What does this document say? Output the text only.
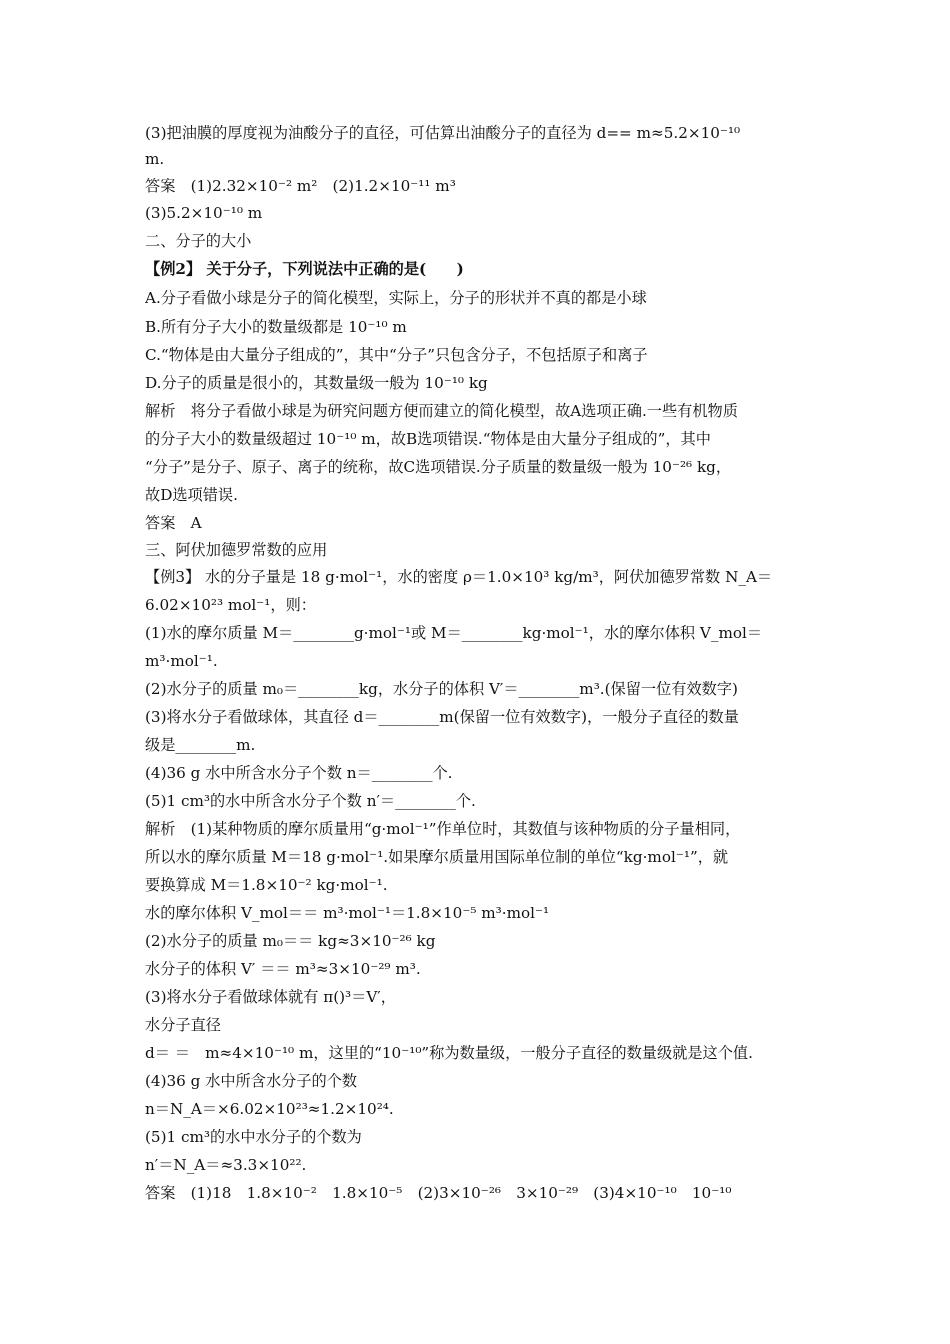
(3)把油膜的厚度视为油酸分子的直径，可估算出油酸分子的直径为 d== m≈5.2×10⁻¹⁰
m.
答案　(1)2.32×10⁻² m²　(2)1.2×10⁻¹¹ m³
(3)5.2×10⁻¹⁰ m
二、分子的大小
【例2】 关于分子，下列说法中正确的是(　　)
A.分子看做小球是分子的简化模型，实际上，分子的形状并不真的都是小球
B.所有分子大小的数量级都是 10⁻¹⁰ m
C.“物体是由大量分子组成的”，其中“分子”只包含分子，不包括原子和离子
D.分子的质量是很小的，其数量级一般为 10⁻¹⁰ kg
解析　将分子看做小球是为研究问题方便而建立的简化模型，故A选项正确.一些有机物质
的分子大小的数量级超过 10⁻¹⁰ m，故B选项错误.“物体是由大量分子组成的”，其中
“分子”是分子、原子、离子的统称，故C选项错误.分子质量的数量级一般为 10⁻²⁶ kg，
故D选项错误.
答案　A
三、阿伏加德罗常数的应用
【例3】 水的分子量是 18 g·mol⁻¹，水的密度 ρ＝1.0×10³ kg/m³，阿伏加德罗常数 N_A＝
6.02×10²³ mol⁻¹，则：
(1)水的摩尔质量 M＝________g·mol⁻¹或 M＝________kg·mol⁻¹，水的摩尔体积 V_mol＝
m³·mol⁻¹.
(2)水分子的质量 m₀＝________kg，水分子的体积 V′＝________m³.(保留一位有效数字)
(3)将水分子看做球体，其直径 d＝________m(保留一位有效数字)，一般分子直径的数量
级是________m.
(4)36 g 水中所含水分子个数 n＝________个.
(5)1 cm³的水中所含水分子个数 n′＝________个.
解析　(1)某种物质的摩尔质量用“g·mol⁻¹”作单位时，其数值与该种物质的分子量相同，
所以水的摩尔质量 M＝18 g·mol⁻¹.如果摩尔质量用国际单位制的单位“kg·mol⁻¹”，就
要换算成 M＝1.8×10⁻² kg·mol⁻¹.
水的摩尔体积 V_mol＝＝ m³·mol⁻¹＝1.8×10⁻⁵ m³·mol⁻¹
(2)水分子的质量 m₀＝＝ kg≈3×10⁻²⁶ kg
水分子的体积 V′ ＝＝ m³≈3×10⁻²⁹ m³.
(3)将水分子看做球体就有 π()³＝V′，
水分子直径
d＝ ＝　m≈4×10⁻¹⁰ m，这里的“10⁻¹⁰”称为数量级，一般分子直径的数量级就是这个值.
(4)36 g 水中所含水分子的个数
n＝N_A＝×6.02×10²³≈1.2×10²⁴.
(5)1 cm³的水中水分子的个数为
n′＝N_A＝≈3.3×10²².
答案　(1)18　1.8×10⁻²　1.8×10⁻⁵　(2)3×10⁻²⁶　3×10⁻²⁹　(3)4×10⁻¹⁰　10⁻¹⁰
